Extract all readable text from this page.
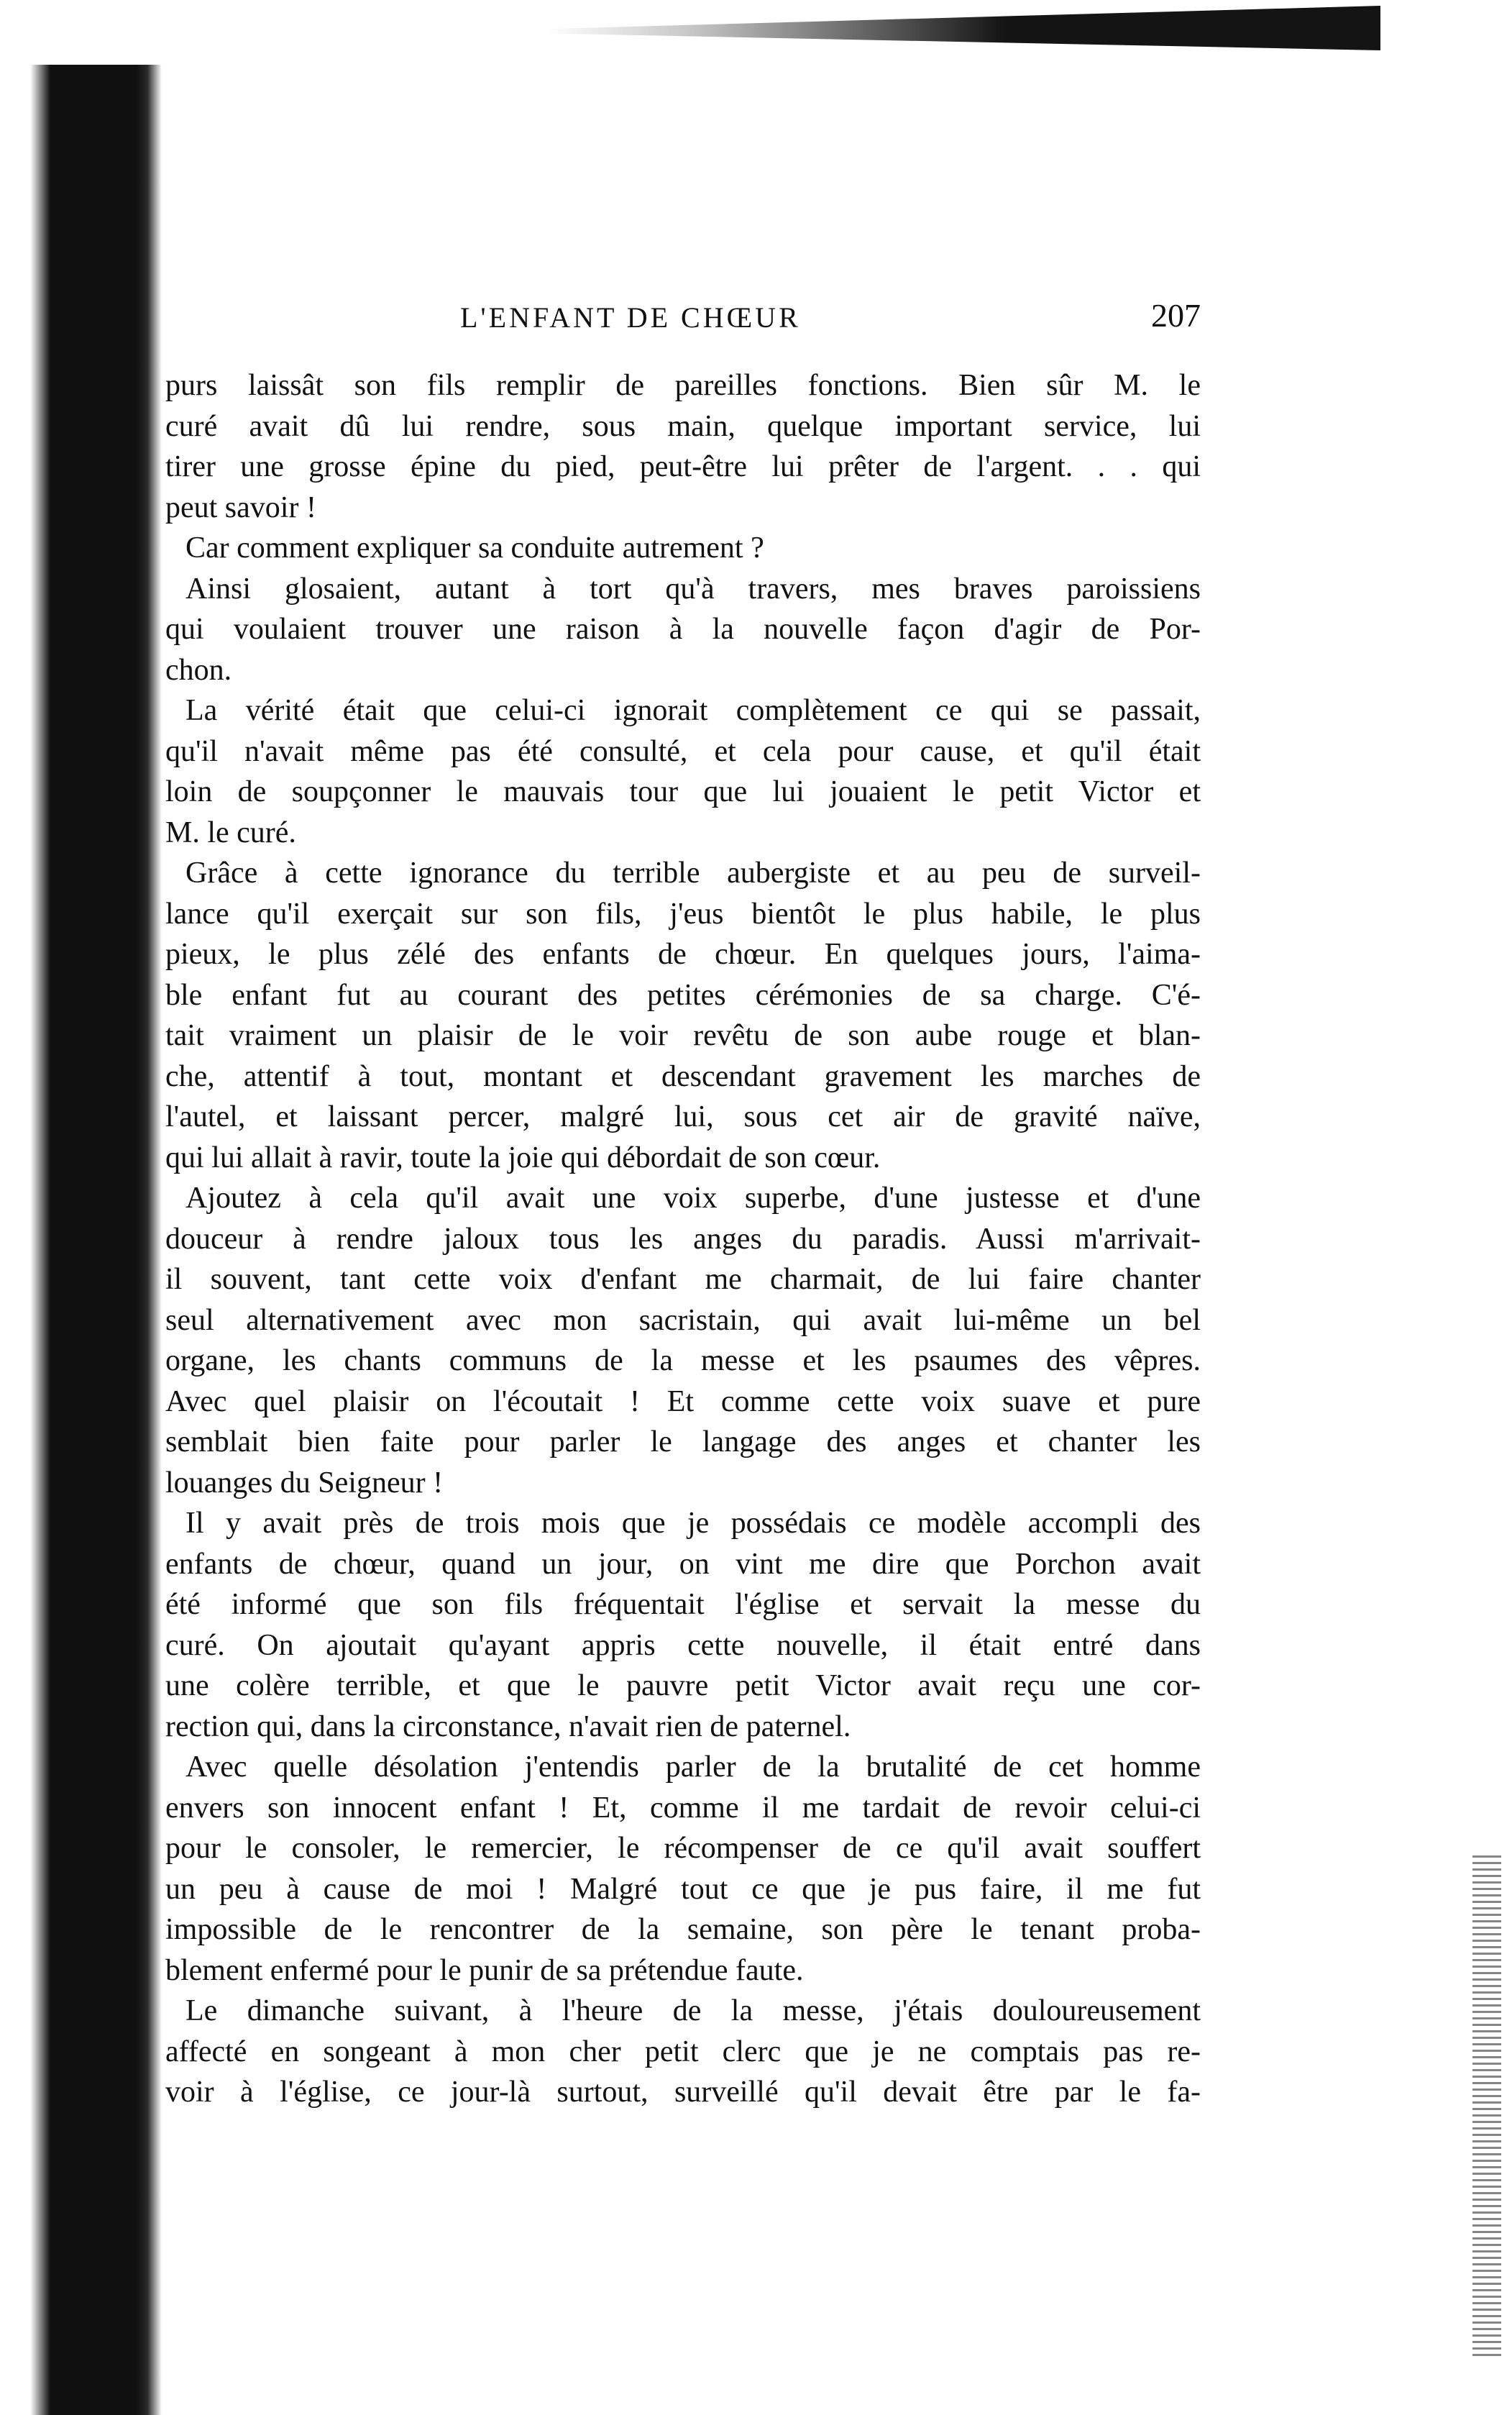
L'ENFANT DE CHŒUR	207
purs laissât son fils remplir de pareilles fonctions. Bien sûr M. le
curé avait dû lui rendre, sous main, quelque important service, lui
tirer une grosse épine du pied, peut-être lui prêter de l'argent. . . qui
peut savoir !
Car comment expliquer sa conduite autrement ?
Ainsi glosaient, autant à tort qu'à travers, mes braves paroissiens
qui voulaient trouver une raison à la nouvelle façon d'agir de Por-
chon.
La vérité était que celui-ci ignorait complètement ce qui se passait,
qu'il n'avait même pas été consulté, et cela pour cause, et qu'il était
loin de soupçonner le mauvais tour que lui jouaient le petit Victor et
M. le curé.
Grâce à cette ignorance du terrible aubergiste et au peu de surveil-
lance qu'il exerçait sur son fils, j'eus bientôt le plus habile, le plus
pieux, le plus zélé des enfants de chœur. En quelques jours, l'aima-
ble enfant fut au courant des petites cérémonies de sa charge. C'é-
tait vraiment un plaisir de le voir revêtu de son aube rouge et blan-
che, attentif à tout, montant et descendant gravement les marches de
l'autel, et laissant percer, malgré lui, sous cet air de gravité naïve,
qui lui allait à ravir, toute la joie qui débordait de son cœur.
Ajoutez à cela qu'il avait une voix superbe, d'une justesse et d'une
douceur à rendre jaloux tous les anges du paradis. Aussi m'arrivait-
il souvent, tant cette voix d'enfant me charmait, de lui faire chanter
seul alternativement avec mon sacristain, qui avait lui-même un bel
organe, les chants communs de la messe et les psaumes des vêpres.
Avec quel plaisir on l'écoutait ! Et comme cette voix suave et pure
semblait bien faite pour parler le langage des anges et chanter les
louanges du Seigneur !
Il y avait près de trois mois que je possédais ce modèle accompli des
enfants de chœur, quand un jour, on vint me dire que Porchon avait
été informé que son fils fréquentait l'église et servait la messe du
curé. On ajoutait qu'ayant appris cette nouvelle, il était entré dans
une colère terrible, et que le pauvre petit Victor avait reçu une cor-
rection qui, dans la circonstance, n'avait rien de paternel.
Avec quelle désolation j'entendis parler de la brutalité de cet homme
envers son innocent enfant ! Et, comme il me tardait de revoir celui-ci
pour le consoler, le remercier, le récompenser de ce qu'il avait souffert
un peu à cause de moi ! Malgré tout ce que je pus faire, il me fut
impossible de le rencontrer de la semaine, son père le tenant proba-
blement enfermé pour le punir de sa prétendue faute.
Le dimanche suivant, à l'heure de la messe, j'étais douloureusement
affecté en songeant à mon cher petit clerc que je ne comptais pas re-
voir à l'église, ce jour-là surtout, surveillé qu'il devait être par le fa-
